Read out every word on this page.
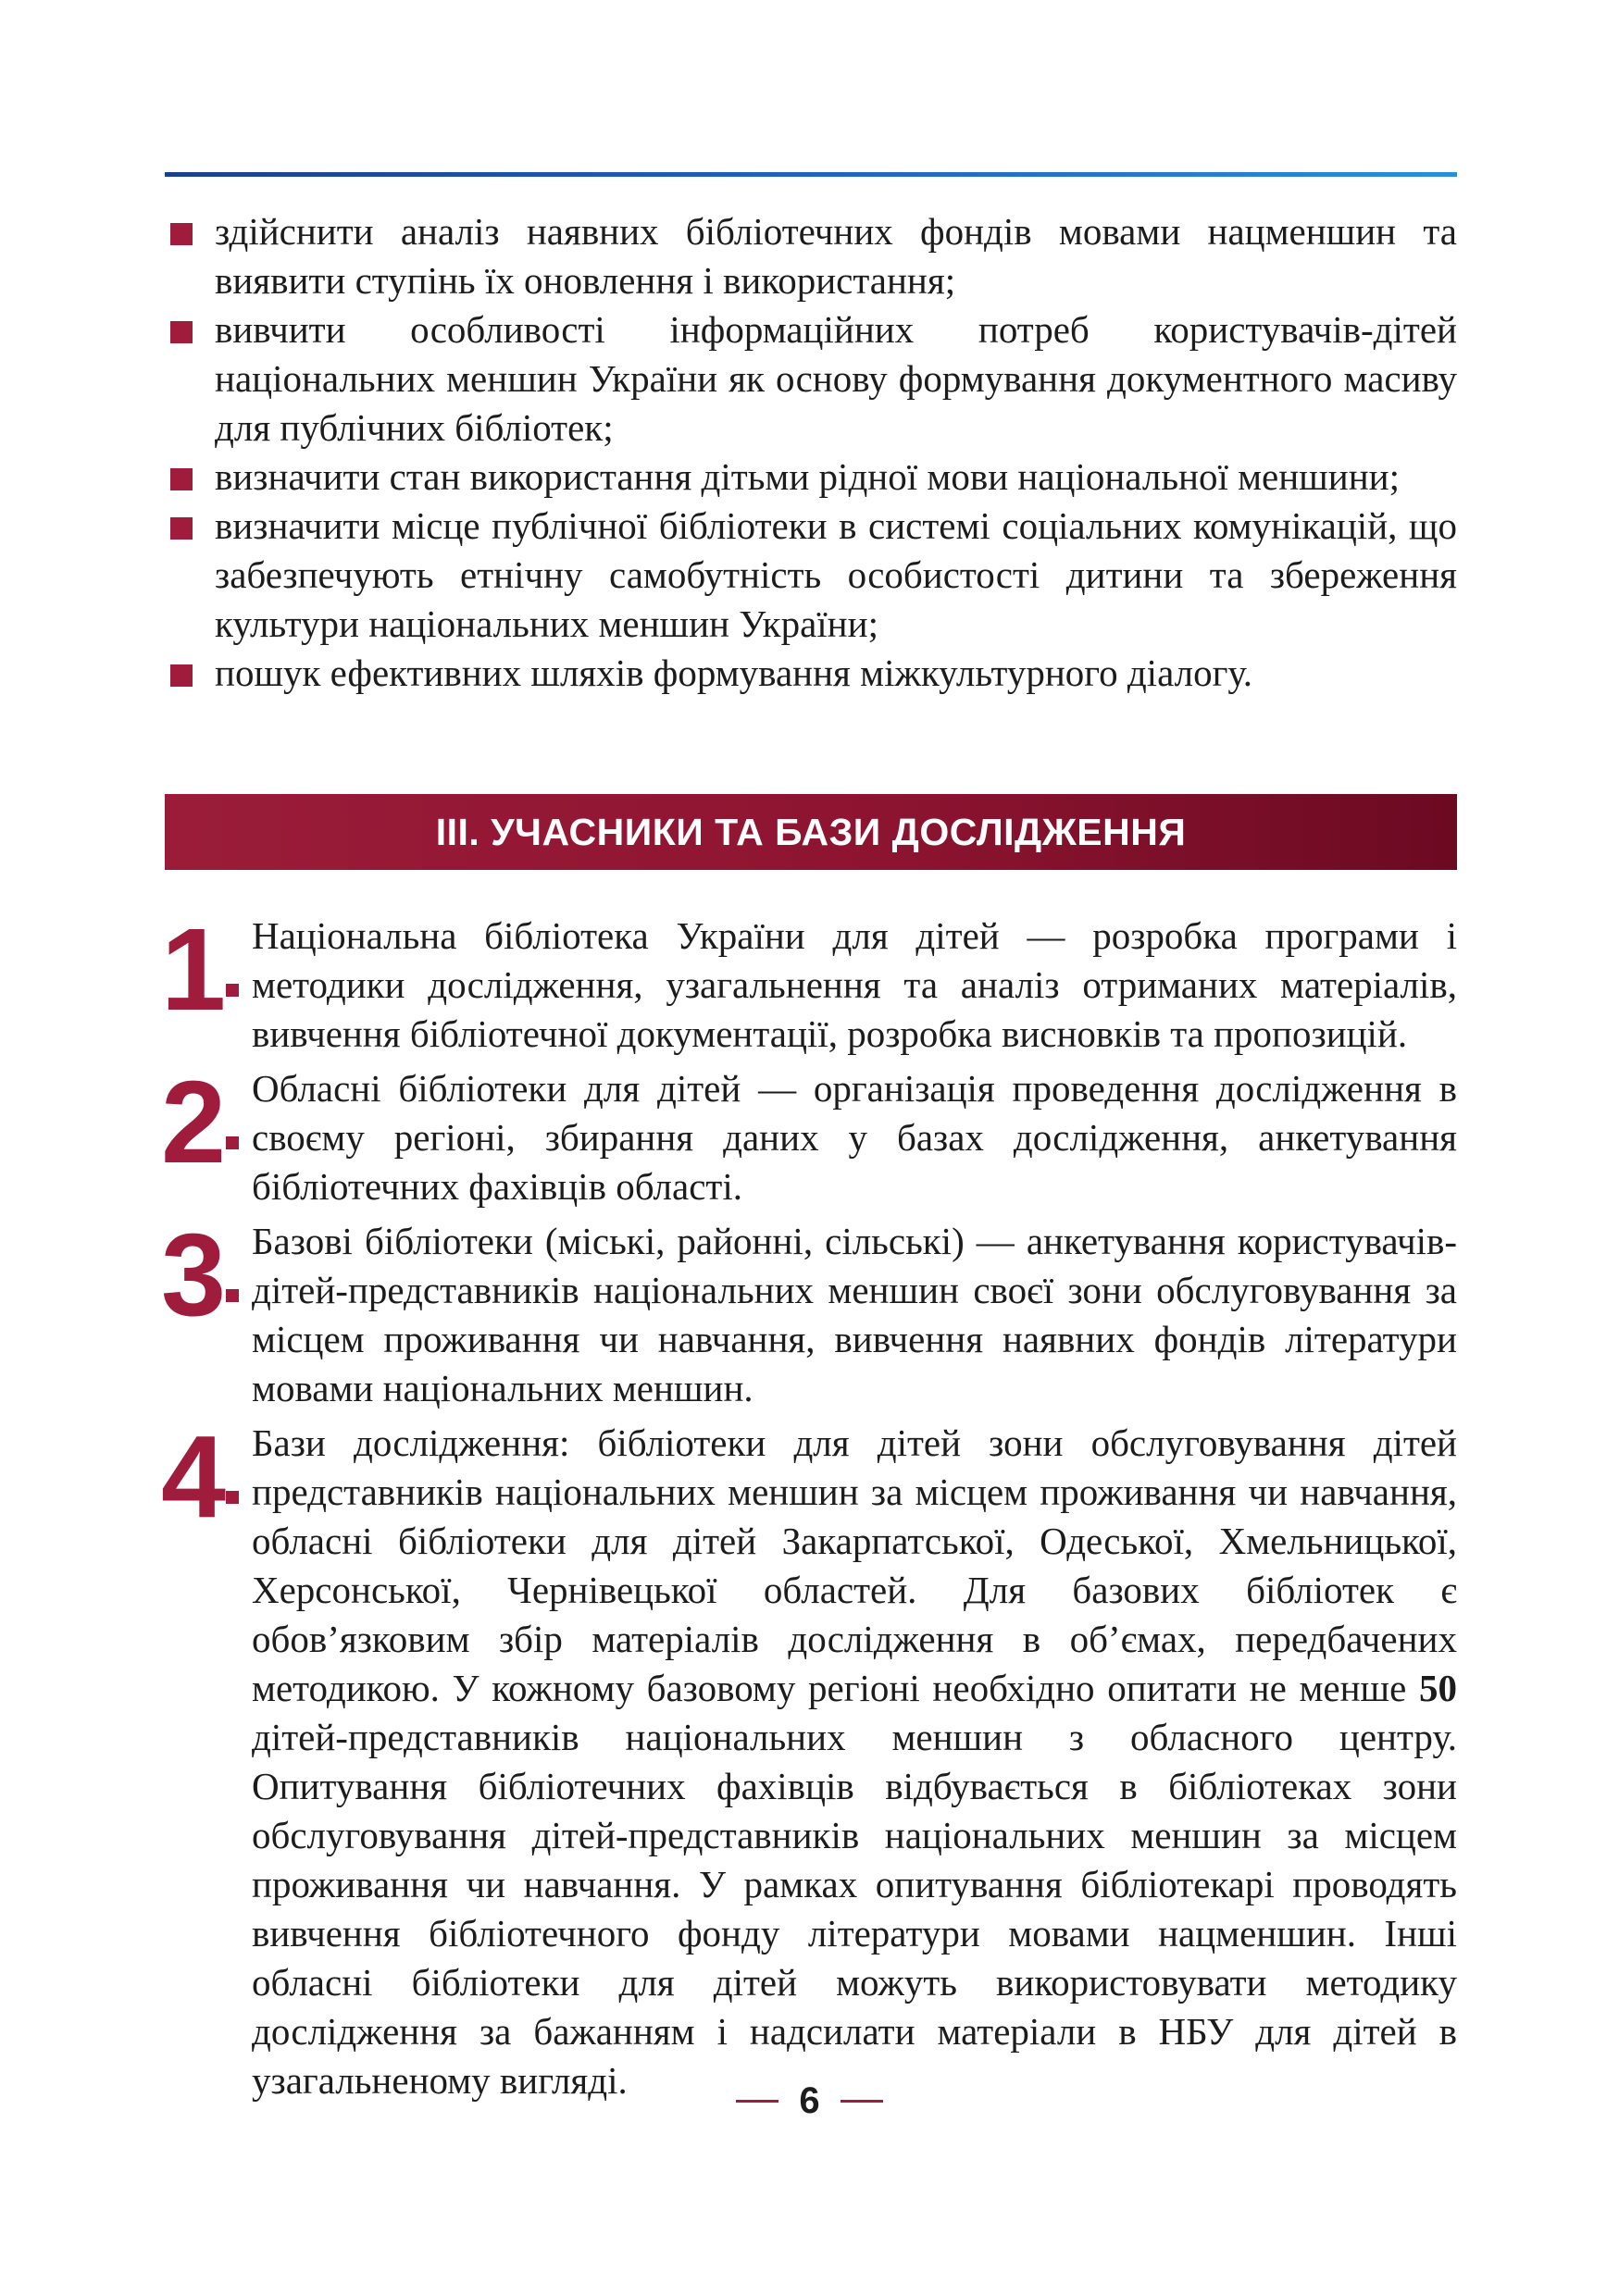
здійснити аналіз наявних бібліотечних фондів мовами нацменшин та виявити ступінь їх оновлення і використання;
вивчити особливості інформаційних потреб користувачів-дітей національних меншин України як основу формування документного масиву для публічних бібліотек;
визначити стан використання дітьми рідної мови національної меншини;
визначити місце публічної бібліотеки в системі соціальних комунікацій, що забезпечують етнічну самобутність особистості дитини та збереження культури національних меншин України;
пошук ефективних шляхів формування міжкультурного діалогу.
ІІІ. УЧАСНИКИ ТА БАЗИ ДОСЛІДЖЕННЯ
1 Національна бібліотека України для дітей — розробка програми і методики дослідження, узагальнення та аналіз отриманих матеріалів, вивчення бібліотечної документації, розробка висновків та пропозицій.
2 Обласні бібліотеки для дітей — організація проведення дослідження в своєму регіоні, збирання даних у базах дослідження, анкетування бібліотечних фахівців області.
3 Базові бібліотеки (міські, районні, сільські) — анкетування користувачів-дітей-представників національних меншин своєї зони обслуговування за місцем проживання чи навчання, вивчення наявних фондів літератури мовами національних меншин.
4 Бази дослідження: бібліотеки для дітей зони обслуговування дітей представників національних меншин за місцем проживання чи навчання, обласні бібліотеки для дітей Закарпатської, Одеської, Хмельницької, Херсонської, Чернівецької областей. Для базових бібліотек є обов’язковим збір матеріалів дослідження в об’ємах, передбачених методикою. У кожному базовому регіоні необхідно опитати не менше 50 дітей-представників національних меншин з обласного центру. Опитування бібліотечних фахівців відбувається в бібліотеках зони обслуговування дітей-представників національних меншин за місцем проживання чи навчання. У рамках опитування бібліотекарі проводять вивчення бібліотечного фонду літератури мовами нацменшин. Інші обласні бібліотеки для дітей можуть використовувати методику дослідження за бажанням і надсилати матеріали в НБУ для дітей в узагальненому вигляді.	6
